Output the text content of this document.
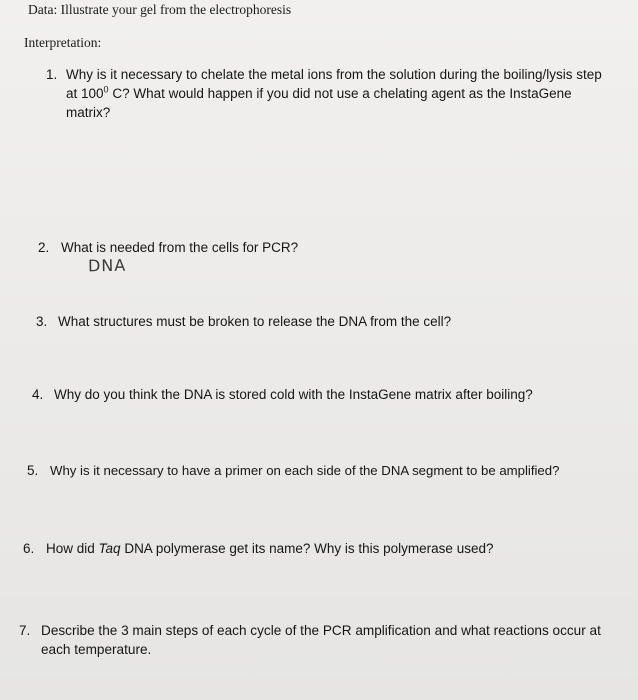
Data: Illustrate your gel from the electrophoresis
Interpretation:
1. Why is it necessary to chelate the metal ions from the solution during the boiling/lysis step at $100^0$ C? What would happen if you did not use a chelating agent as the InstaGene matrix?
2. What is needed from the cells for PCR?
DNA
3. What structures must be broken to release the DNA from the cell?
4. Why do you think the DNA is stored cold with the InstaGene matrix after boiling?
5. Why is it necessary to have a primer on each side of the DNA segment to be amplified?
6. How did Taq DNA polymerase get its name? Why is this polymerase used?
7. Describe the 3 main steps of each cycle of the PCR amplification and what reactions occur at each temperature.
